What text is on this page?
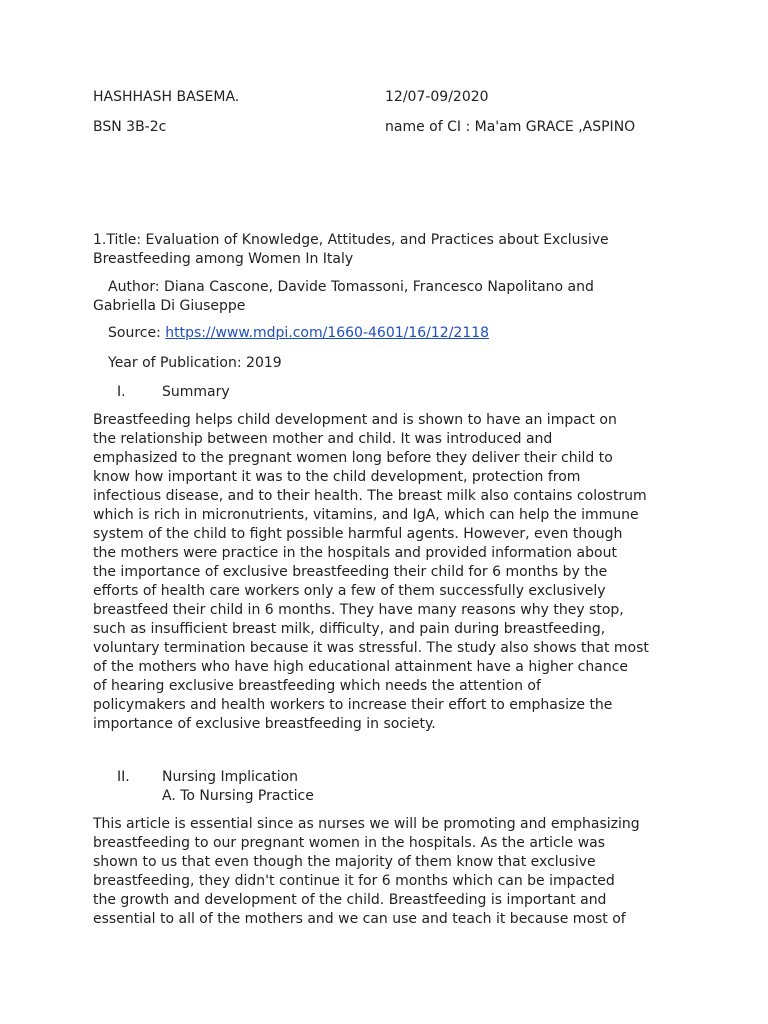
HASHHASH BASEMA.	12/07-09/2020
BSN 3B-2c	name of CI : Ma'am GRACE ,ASPINO
1.Title: Evaluation of Knowledge, Attitudes, and Practices about Exclusive
Breastfeeding among Women In Italy
Author: Diana Cascone, Davide Tomassoni, Francesco Napolitano and
Gabriella Di Giuseppe
Source: https://www.mdpi.com/1660-4601/16/12/2118
Year of Publication: 2019
I.	Summary

Breastfeeding helps child development and is shown to have an impact on

the relationship between mother and child. It was introduced and

emphasized to the pregnant women long before they deliver their child to

know how important it was to the child development, protection from

infectious disease, and to their health. The breast milk also contains colostrum

which is rich in micronutrients, vitamins, and IgA, which can help the immune

system of the child to fight possible harmful agents. However, even though

the mothers were practice in the hospitals and provided information about

the importance of exclusive breastfeeding their child for 6 months by the

efforts of health care workers only a few of them successfully exclusively

breastfeed their child in 6 months. They have many reasons why they stop,

such as insufficient breast milk, difficulty, and pain during breastfeeding,

voluntary termination because it was stressful. The study also shows that most

of the mothers who have high educational attainment have a higher chance

of hearing exclusive breastfeeding which needs the attention of

policymakers and health workers to increase their effort to emphasize the

importance of exclusive breastfeeding in society.

II. Nursing Implication
A. To Nursing Practice

This article is essential since as nurses we will be promoting and emphasizing

breastfeeding to our pregnant women in the hospitals. As the article was

shown to us that even though the majority of them know that exclusive

breastfeeding, they didn't continue it for 6 months which can be impacted

the growth and development of the child. Breastfeeding is important and

essential to all of the mothers and we can use and teach it because most of
